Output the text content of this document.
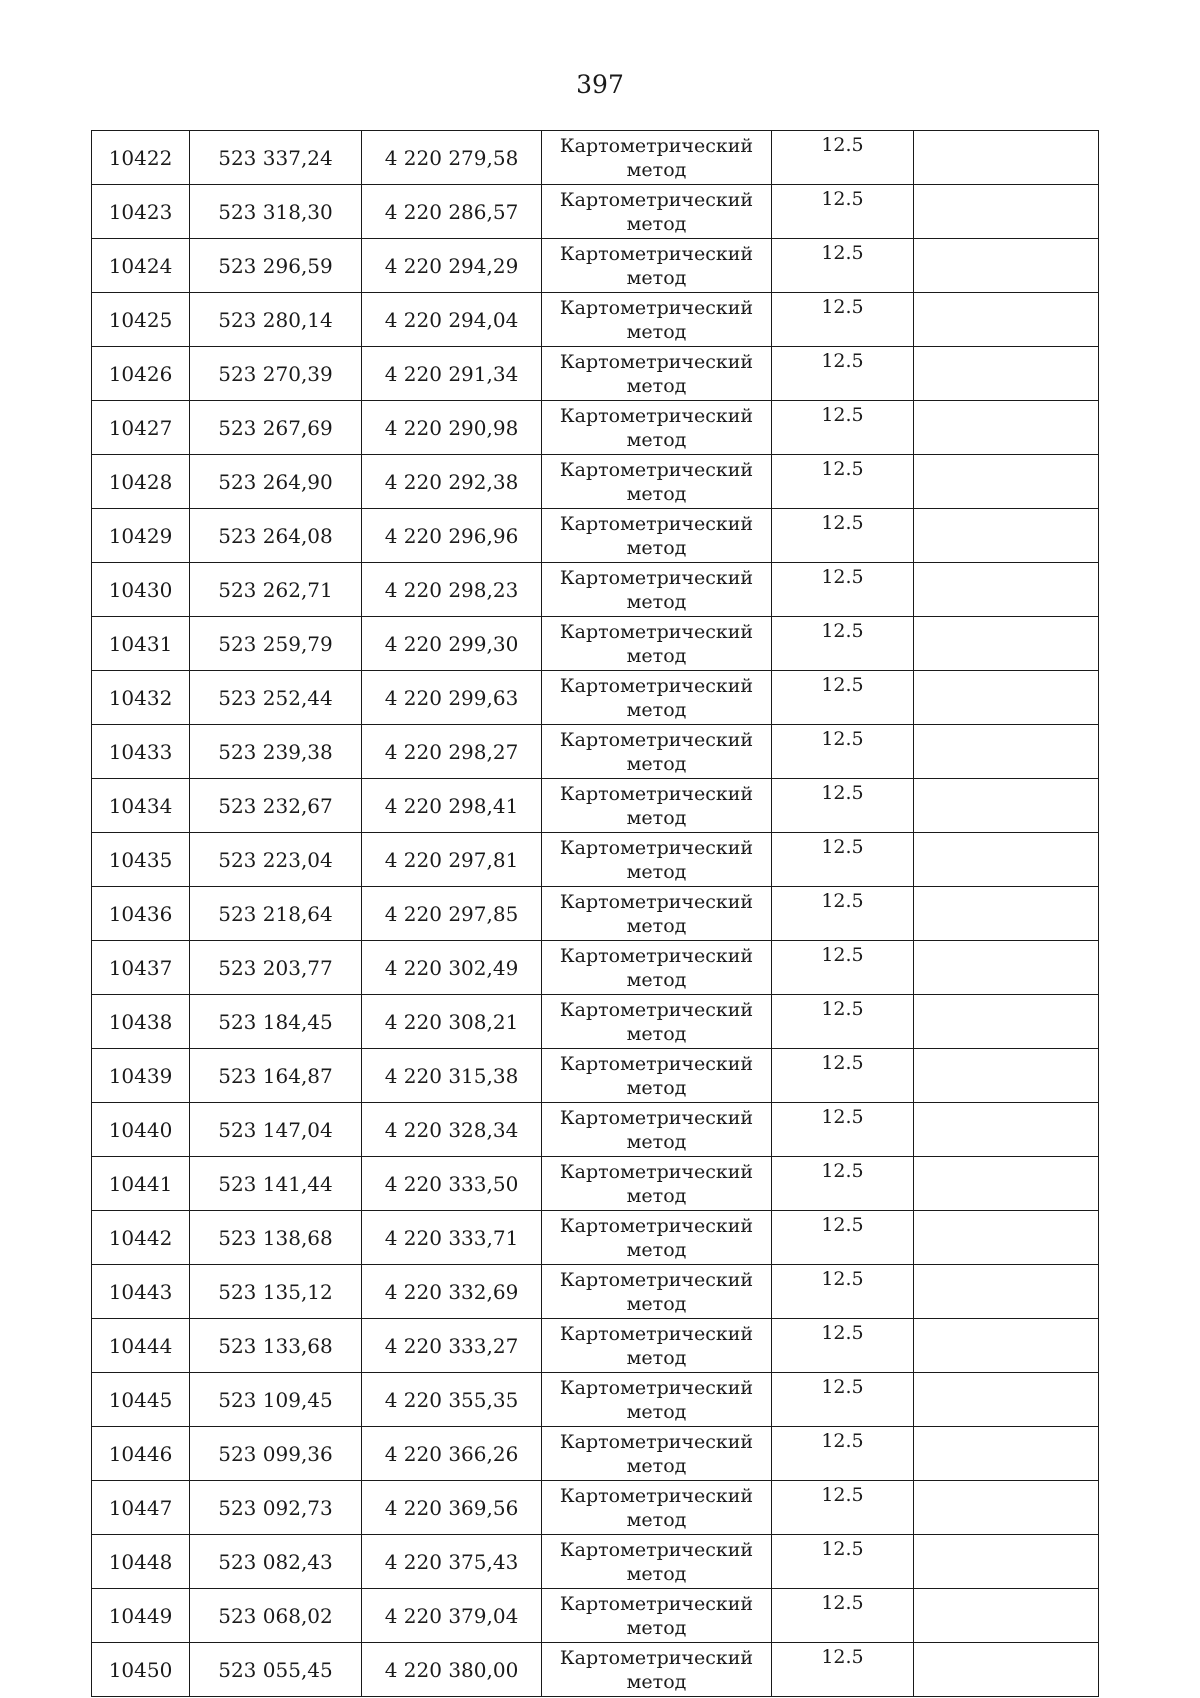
397
10422	523 337,24	4 220 279,58	Картометрический метод	12.5	
10423	523 318,30	4 220 286,57	Картометрический метод	12.5	
10424	523 296,59	4 220 294,29	Картометрический метод	12.5	
10425	523 280,14	4 220 294,04	Картометрический метод	12.5	
10426	523 270,39	4 220 291,34	Картометрический метод	12.5	
10427	523 267,69	4 220 290,98	Картометрический метод	12.5	
10428	523 264,90	4 220 292,38	Картометрический метод	12.5	
10429	523 264,08	4 220 296,96	Картометрический метод	12.5	
10430	523 262,71	4 220 298,23	Картометрический метод	12.5	
10431	523 259,79	4 220 299,30	Картометрический метод	12.5	
10432	523 252,44	4 220 299,63	Картометрический метод	12.5	
10433	523 239,38	4 220 298,27	Картометрический метод	12.5	
10434	523 232,67	4 220 298,41	Картометрический метод	12.5	
10435	523 223,04	4 220 297,81	Картометрический метод	12.5	
10436	523 218,64	4 220 297,85	Картометрический метод	12.5	
10437	523 203,77	4 220 302,49	Картометрический метод	12.5	
10438	523 184,45	4 220 308,21	Картометрический метод	12.5	
10439	523 164,87	4 220 315,38	Картометрический метод	12.5	
10440	523 147,04	4 220 328,34	Картометрический метод	12.5	
10441	523 141,44	4 220 333,50	Картометрический метод	12.5	
10442	523 138,68	4 220 333,71	Картометрический метод	12.5	
10443	523 135,12	4 220 332,69	Картометрический метод	12.5	
10444	523 133,68	4 220 333,27	Картометрический метод	12.5	
10445	523 109,45	4 220 355,35	Картометрический метод	12.5	
10446	523 099,36	4 220 366,26	Картометрический метод	12.5	
10447	523 092,73	4 220 369,56	Картометрический метод	12.5	
10448	523 082,43	4 220 375,43	Картометрический метод	12.5	
10449	523 068,02	4 220 379,04	Картометрический метод	12.5	
10450	523 055,45	4 220 380,00	Картометрический метод	12.5	
